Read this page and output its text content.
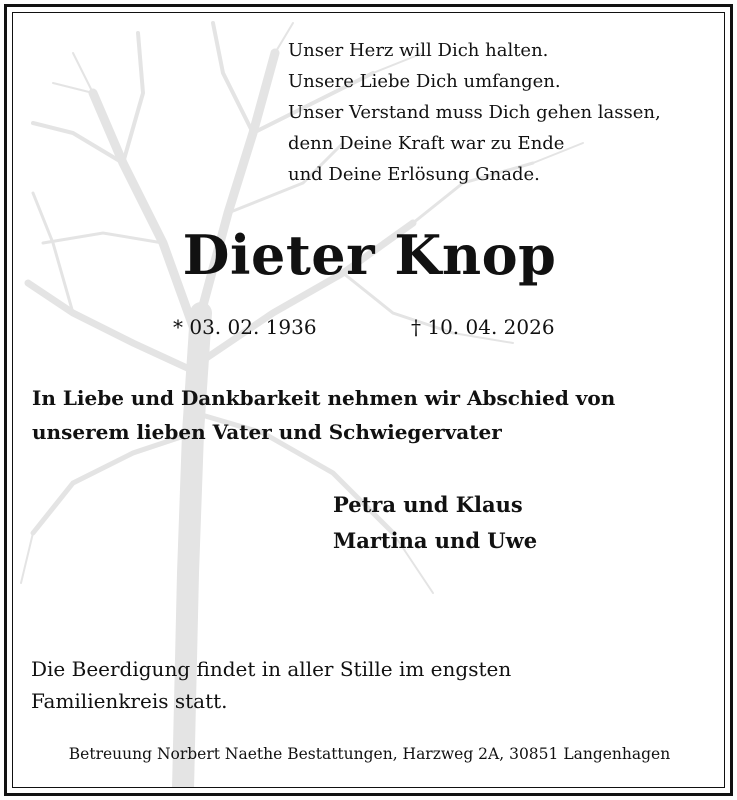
Unser Herz will Dich halten.
Unsere Liebe Dich umfangen.
Unser Verstand muss Dich gehen lassen,
denn Deine Kraft war zu Ende
und Deine Erlösung Gnade.
Dieter Knop
* 03. 02. 1936	† 10. 04. 2026
In Liebe und Dankbarkeit nehmen wir Abschied von
unserem lieben Vater und Schwiegervater
Petra und Klaus
Martina und Uwe
Die Beerdigung findet in aller Stille im engsten
Familienkreis statt.
Betreuung Norbert Naethe Bestattungen, Harzweg 2A, 30851 Langenhagen
